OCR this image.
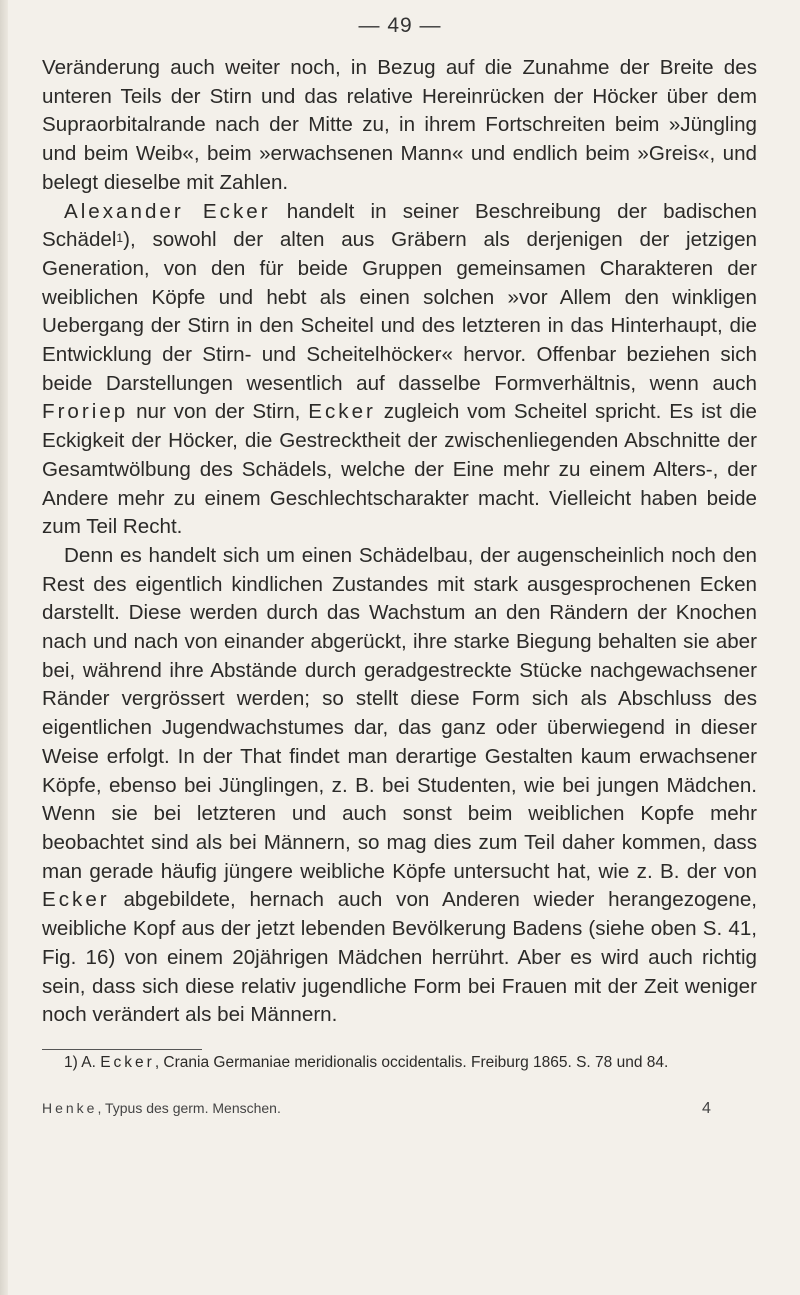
— 49 —

Veränderung auch weiter noch, in Bezug auf die Zunahme der Breite des unteren Teils der Stirn und das relative Hereinrücken der Höcker über dem Supraorbitalrande nach der Mitte zu, in ihrem Fortschreiten beim »Jüngling und beim Weib«, beim »erwachsenen Mann« und endlich beim »Greis«, und belegt dieselbe mit Zahlen.

Alexander Ecker handelt in seiner Beschreibung der badischen Schädel$^1$), sowohl der alten aus Gräbern als derjenigen der jetzigen Generation, von den für beide Gruppen gemeinsamen Charakteren der weiblichen Köpfe und hebt als einen solchen »vor Allem den winkligen Uebergang der Stirn in den Scheitel und des letzteren in das Hinterhaupt, die Entwicklung der Stirn- und Scheitelhöcker« hervor. Offenbar beziehen sich beide Darstellungen wesentlich auf dasselbe Formverhältnis, wenn auch Froriep nur von der Stirn, Ecker zugleich vom Scheitel spricht. Es ist die Eckigkeit der Höcker, die Gestrecktheit der zwischenliegenden Abschnitte der Gesamtwölbung des Schädels, welche der Eine mehr zu einem Alters-, der Andere mehr zu einem Geschlechtscharakter macht. Vielleicht haben beide zum Teil Recht.

Denn es handelt sich um einen Schädelbau, der augenscheinlich noch den Rest des eigentlich kindlichen Zustandes mit stark ausgesprochenen Ecken darstellt. Diese werden durch das Wachstum an den Rändern der Knochen nach und nach von einander abgerückt, ihre starke Biegung behalten sie aber bei, während ihre Abstände durch geradgestreckte Stücke nachgewachsener Ränder vergrössert werden; so stellt diese Form sich als Abschluss des eigentlichen Jugendwachstumes dar, das ganz oder überwiegend in dieser Weise erfolgt. In der That findet man derartige Gestalten kaum erwachsener Köpfe, ebenso bei Jünglingen, z. B. bei Studenten, wie bei jungen Mädchen. Wenn sie bei letzteren und auch sonst beim weiblichen Kopfe mehr beobachtet sind als bei Männern, so mag dies zum Teil daher kommen, dass man gerade häufig jüngere weibliche Köpfe untersucht hat, wie z. B. der von Ecker abgebildete, hernach auch von Anderen wieder herangezogene, weibliche Kopf aus der jetzt lebenden Bevölkerung Badens (siehe oben S. 41, Fig. 16) von einem 20jährigen Mädchen herrührt. Aber es wird auch richtig sein, dass sich diese relativ jugendliche Form bei Frauen mit der Zeit weniger noch verändert als bei Männern.

1) A. Ecker, Crania Germaniae meridionalis occidentalis. Freiburg 1865. S. 78 und 84.
Henke, Typus des germ. Menschen.	4
